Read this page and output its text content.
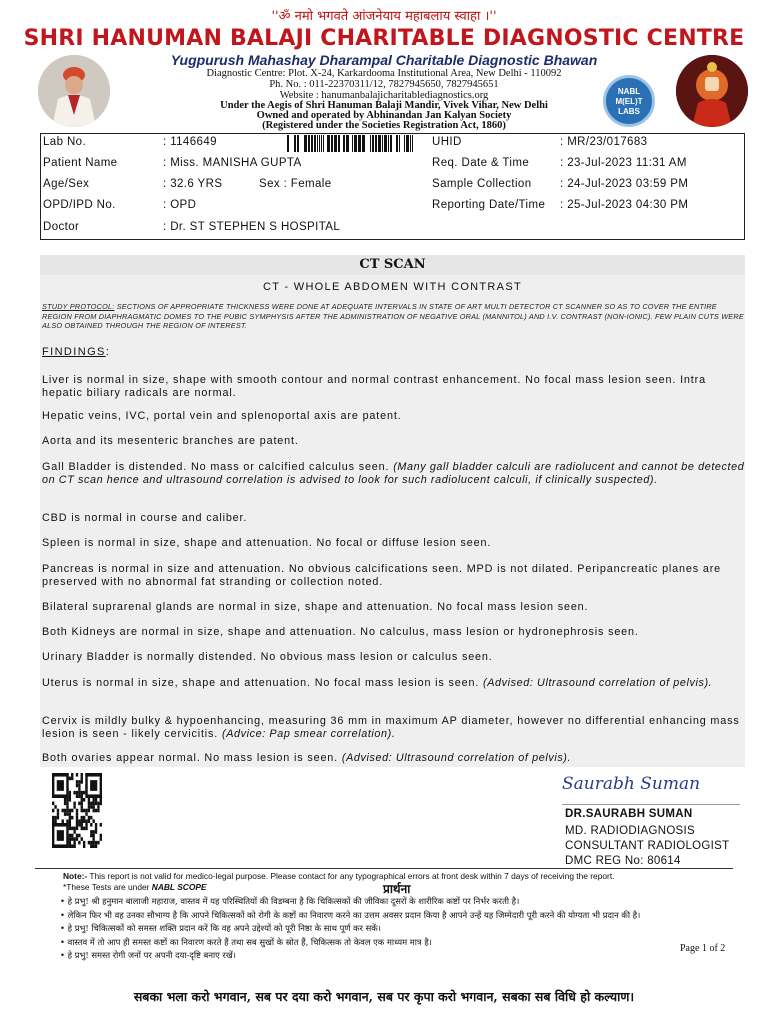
''ॐ नमो भगवते आंजनेयाय महाबलाय स्वाहा ।''
SHRI HANUMAN BALAJI CHARITABLE DIAGNOSTIC CENTRE
Yugpurush Mahashay Dharampal Charitable Diagnostic Bhawan
Diagnostic Centre: Plot. X-24, Karkardooma Institutional Area, New Delhi - 110092
Ph. No. : 011-22370311/12, 7827945650, 7827945651
Website : hanumanbalajicharitablediagnostics.org
Under the Aegis of Shri Hanuman Balaji Mandir, Vivek Vihar, New Delhi
Owned and operated by Abhinandan Jan Kalyan Society
(Registered under the Societies Registration Act, 1860)
NABL
M(EL)T
LABS
Lab No.	: 1146649	UHID	: MR/23/017683
Patient Name	: Miss. MANISHA GUPTA	Req. Date & Time	: 23-Jul-2023 11:31 AM
Age/Sex	: 32.6 YRS	Sex : Female	Sample Collection : 24-Jul-2023 03:59 PM
OPD/IPD No.	: OPD	Reporting Date/Time : 25-Jul-2023 04:30 PM
Doctor	: Dr. ST STEPHEN S HOSPITAL
CT SCAN
CT - WHOLE ABDOMEN WITH CONTRAST
STUDY PROTOCOL: SECTIONS OF APPROPRIATE THICKNESS WERE DONE AT ADEQUATE INTERVALS IN STATE OF ART MULTI DETECTOR CT SCANNER SO AS TO COVER THE ENTIRE REGION FROM DIAPHRAGMATIC DOMES TO THE PUBIC SYMPHYSIS AFTER THE ADMINISTRATION OF NEGATIVE ORAL (MANNITOL) AND I.V. CONTRAST (NON-IONIC). FEW PLAIN CUTS WERE ALSO OBTAINED THROUGH THE REGION OF INTEREST.
FINDINGS:
Liver is normal in size, shape with smooth contour and normal contrast enhancement. No focal mass lesion seen. Intra hepatic biliary radicals are normal.
Hepatic veins, IVC, portal vein and splenoportal axis are patent.
Aorta and its mesenteric branches are patent.
Gall Bladder is distended. No mass or calcified calculus seen. (Many gall bladder calculi are radiolucent and cannot be detected on CT scan hence and ultrasound correlation is advised to look for such radiolucent calculi, if clinically suspected).
CBD is normal in course and caliber.
Spleen is normal in size, shape and attenuation. No focal or diffuse lesion seen.
Pancreas is normal in size and attenuation. No obvious calcifications seen. MPD is not dilated. Peripancreatic planes are preserved with no abnormal fat stranding or collection noted.
Bilateral suprarenal glands are normal in size, shape and attenuation. No focal mass lesion seen.
Both Kidneys are normal in size, shape and attenuation. No calculus, mass lesion or hydronephrosis seen.
Urinary Bladder is normally distended. No obvious mass lesion or calculus seen.
Uterus is normal in size, shape and attenuation. No focal mass lesion is seen. (Advised: Ultrasound correlation of pelvis).
Cervix is mildly bulky & hypoenhancing, measuring 36 mm in maximum AP diameter, however no differential enhancing mass lesion is seen - likely cervicitis. (Advice: Pap smear correlation).
Both ovaries appear normal. No mass lesion is seen. (Advised: Ultrasound correlation of pelvis).
Saurabh Suman
DR.SAURABH SUMAN
MD. RADIODIAGNOSIS
CONSULTANT RADIOLOGIST
DMC REG No: 80614
Note:- This report is not valid for medico-legal purpose. Please contact for any typographical errors at front desk within 7 days of receiving the report.
*These Tests are under NABL SCOPE	प्रार्थना
• हे प्रभु! श्री हनुमान बालाजी महाराज, वास्तव में यह परिस्थितियों की विडम्बना है कि चिकित्सकों की जीविका दूसरों के शारीरिक कष्टों पर निर्भर करती है।
• लेकिन फिर भी वह उनका सौभाग्य है कि आपने चिकित्सकों को रोगी के कष्टों का निवारण करने का उत्तम अवसर प्रदान किया है आपने उन्हें यह जिम्मेदारी पूरी करने की योग्यता भी प्रदान की है।
• हे प्रभु! चिकित्सकों को समस्त शक्ति प्रदान करें कि वह अपने उद्देश्यों को पूरी निष्ठा के साथ पूर्ण कर सकें।
• वास्तव में तो आप ही समस्त कष्टों का निवारण करते हैं तथा सब सुखों के स्रोत हैं, चिकित्सक तो केवल एक माध्यम मात्र है।
• हे प्रभु! समस्त रोगी जनों पर अपनी दया-दृष्टि बनाए रखें।
Page 1 of 2
सबका भला करो भगवान, सब पर दया करो भगवान, सब पर कृपा करो भगवान, सबका सब विधि हो कल्याण।
